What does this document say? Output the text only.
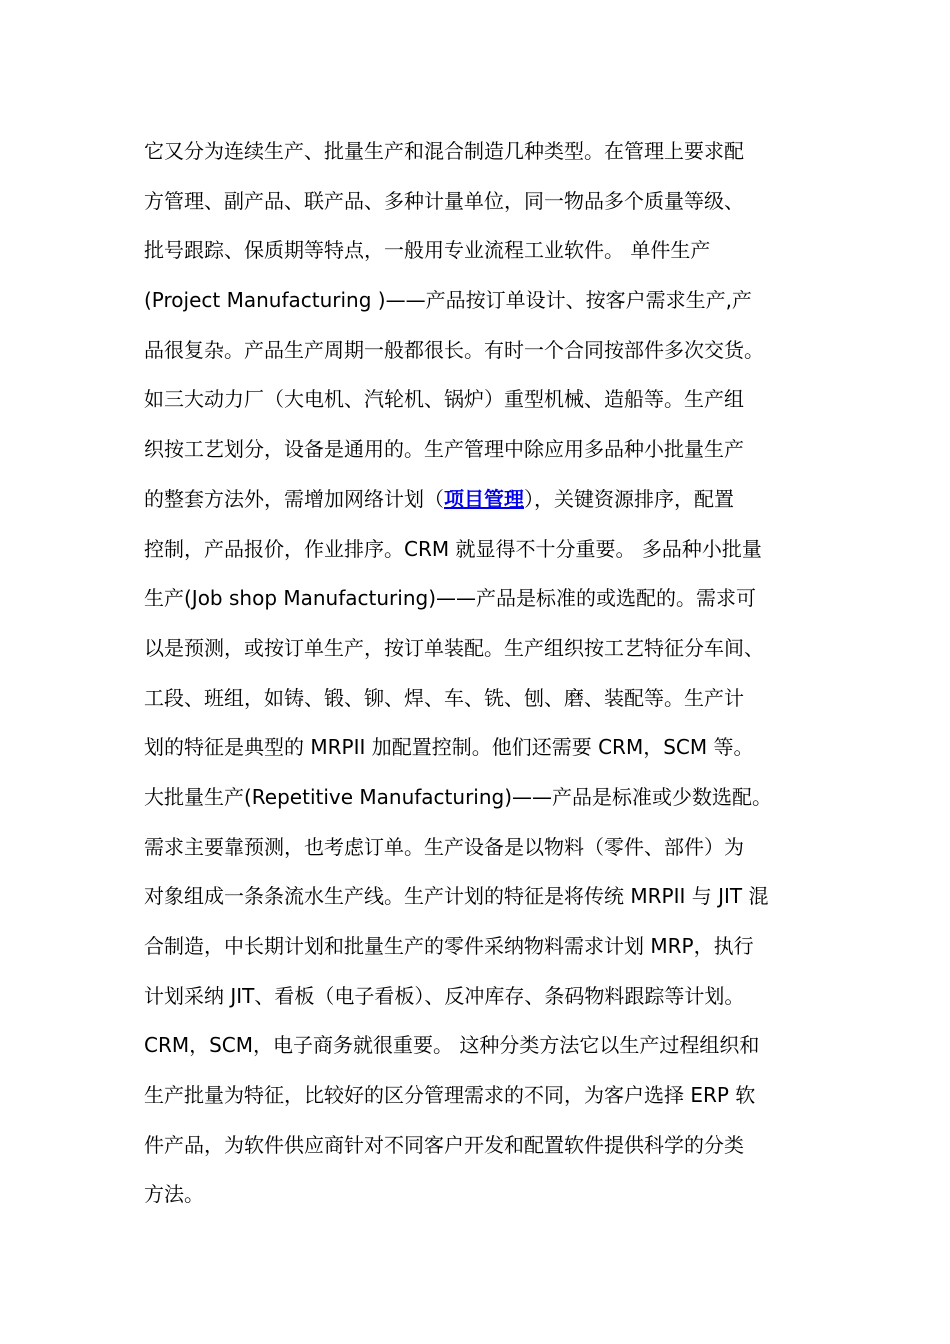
它又分为连续生产、批量生产和混合制造几种类型。在管理上要求配
方管理、副产品、联产品、多种计量单位，同一物品多个质量等级、
批号跟踪、保质期等特点，一般用专业流程工业软件。 单件生产
(Project Manufacturing )——产品按订单设计、按客户需求生产,产
品很复杂。产品生产周期一般都很长。有时一个合同按部件多次交货。
如三大动力厂（大电机、汽轮机、锅炉）重型机械、造船等。生产组
织按工艺划分，设备是通用的。生产管理中除应用多品种小批量生产
的整套方法外，需增加网络计划（项目管理），关键资源排序，配置
控制，产品报价，作业排序。CRM 就显得不十分重要。 多品种小批量
生产(Job shop Manufacturing)——产品是标准的或选配的。需求可
以是预测，或按订单生产，按订单装配。生产组织按工艺特征分车间、
工段、班组，如铸、锻、铆、焊、车、铣、刨、磨、装配等。生产计
划的特征是典型的 MRPII 加配置控制。他们还需要 CRM，SCM 等。
大批量生产(Repetitive Manufacturing)——产品是标准或少数选配。
需求主要靠预测，也考虑订单。生产设备是以物料（零件、部件）为
对象组成一条条流水生产线。生产计划的特征是将传统 MRPII 与 JIT 混
合制造，中长期计划和批量生产的零件采纳物料需求计划 MRP，执行
计划采纳 JIT、看板（电子看板）、反冲库存、条码物料跟踪等计划。
CRM，SCM，电子商务就很重要。 这种分类方法它以生产过程组织和
生产批量为特征，比较好的区分管理需求的不同，为客户选择 ERP 软
件产品，为软件供应商针对不同客户开发和配置软件提供科学的分类
方法。
